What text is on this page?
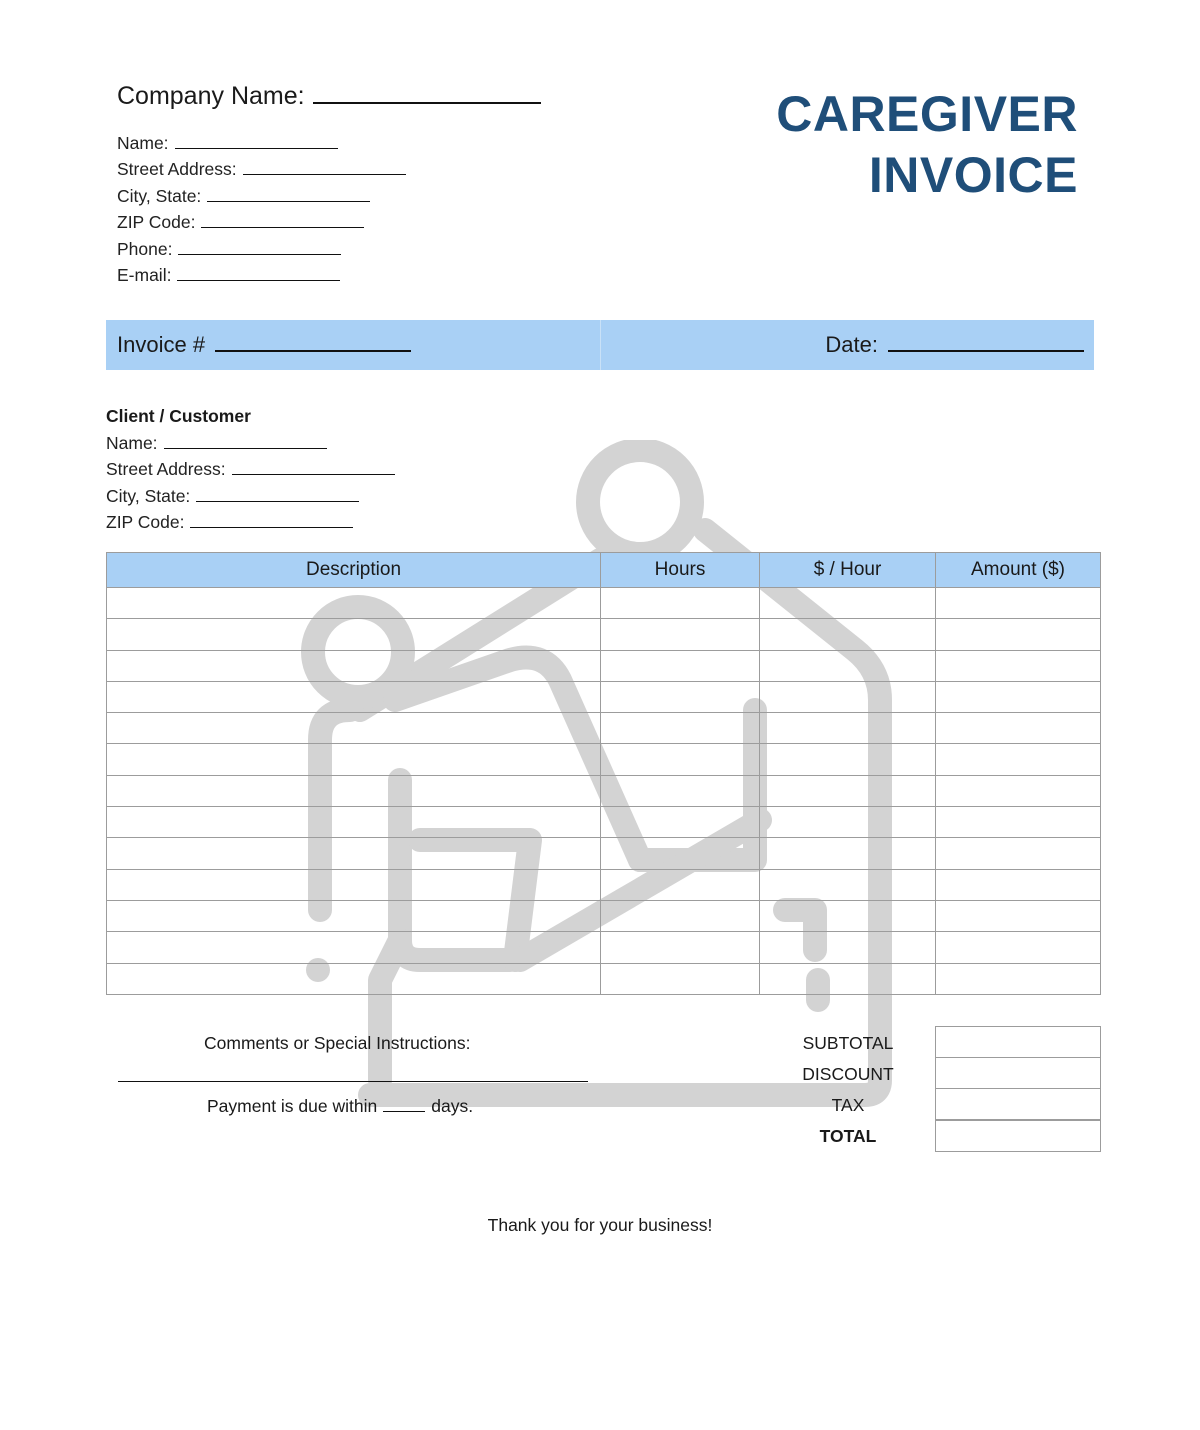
Company Name:
Name:
Street Address:
City, State:
ZIP Code:
Phone:
E-mail:
CAREGIVER
INVOICE
Invoice #	Date:
Client / Customer
Name:
Street Address:
City, State:
ZIP Code:
Description	Hours	$ / Hour	Amount ($)

Comments or Special Instructions:
Payment is due within	days.
SUBTOTAL
DISCOUNT
TAX
TOTAL
Thank you for your business!
